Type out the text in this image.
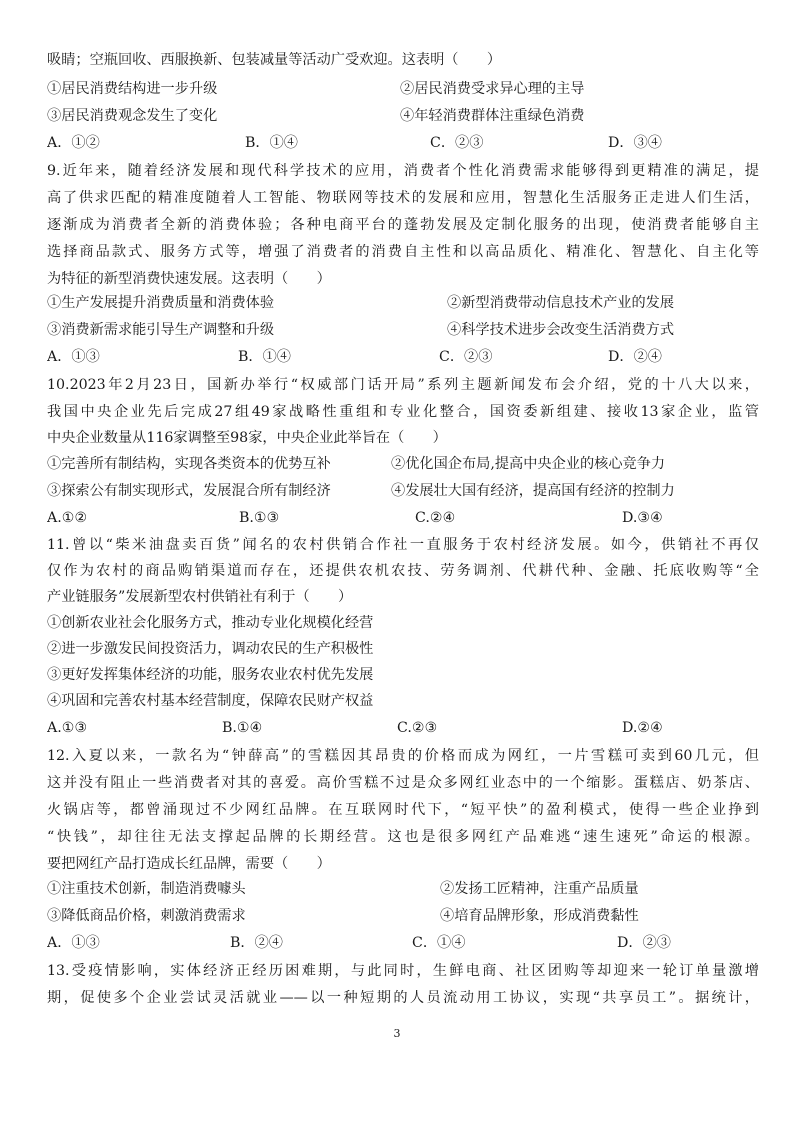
吸睛；空瓶回收、西服换新、包装减量等活动广受欢迎。这表明（　　）
①居民消费结构进一步升级	②居民消费受求异心理的主导
③居民消费观念发生了变化	④年轻消费群体注重绿色消费
A．①②	B．①④	C．②③	D．③④
9.近年来，随着经济发展和现代科学技术的应用，消费者个性化消费需求能够得到更精准的满足，提
高了供求匹配的精准度随着人工智能、物联网等技术的发展和应用，智慧化生活服务正走进人们生活，
逐渐成为消费者全新的消费体验；各种电商平台的蓬勃发展及定制化服务的出现，使消费者能够自主
选择商品款式、服务方式等，增强了消费者的消费自主性和以高品质化、精准化、智慧化、自主化等
为特征的新型消费快速发展。这表明（　　）
①生产发展提升消费质量和消费体验	②新型消费带动信息技术产业的发展
③消费新需求能引导生产调整和升级	④科学技术进步会改变生活消费方式
A．①③	B．①④	C．②③	D．②④
10.2023年2月23日，国新办举行“权威部门话开局”系列主题新闻发布会介绍，党的十八大以来，
我国中央企业先后完成27组49家战略性重组和专业化整合，国资委新组建、接收13家企业，监管
中央企业数量从116家调整至98家，中央企业此举旨在（　　）
①完善所有制结构，实现各类资本的优势互补	②优化国企布局,提高中央企业的核心竞争力
③探索公有制实现形式，发展混合所有制经济	④发展壮大国有经济，提高国有经济的控制力
A.①②	B.①③	C.②④	D.③④
11.曾以“柴米油盘卖百货”闻名的农村供销合作社一直服务于农村经济发展。如今，供销社不再仅
仅作为农村的商品购销渠道而存在，还提供农机农技、劳务调剂、代耕代种、金融、托底收购等“全
产业链服务”发展新型农村供销社有利于（　　）
①创新农业社会化服务方式，推动专业化规模化经营
②进一步激发民间投资活力，调动农民的生产积极性
③更好发挥集体经济的功能，服务农业农村优先发展
④巩固和完善农村基本经营制度，保障农民财产权益
A.①③	B.①④	C.②③	D.②④
12.入夏以来，一款名为“钟薛高”的雪糕因其昂贵的价格而成为网红，一片雪糕可卖到60几元，但
这并没有阻止一些消费者对其的喜爱。高价雪糕不过是众多网红业态中的一个缩影。蛋糕店、奶茶店、
火锅店等，都曾涌现过不少网红品牌。在互联网时代下，“短平快”的盈利模式，使得一些企业挣到
“快钱”，却往往无法支撑起品牌的长期经营。这也是很多网红产品难逃“速生速死”命运的根源。
要把网红产品打造成长红品牌，需要（　　）
①注重技术创新，制造消费噱头	②发扬工匠精神，注重产品质量
③降低商品价格，刺激消费需求	④培育品牌形象，形成消费黏性
A．①③	B．②④	C．①④	D．②③
13.受疫情影响，实体经济正经历困难期，与此同时，生鲜电商、社区团购等却迎来一轮订单量激增
期，促使多个企业尝试灵活就业——以一种短期的人员流动用工协议，实现“共享员工”。据统计，
3
